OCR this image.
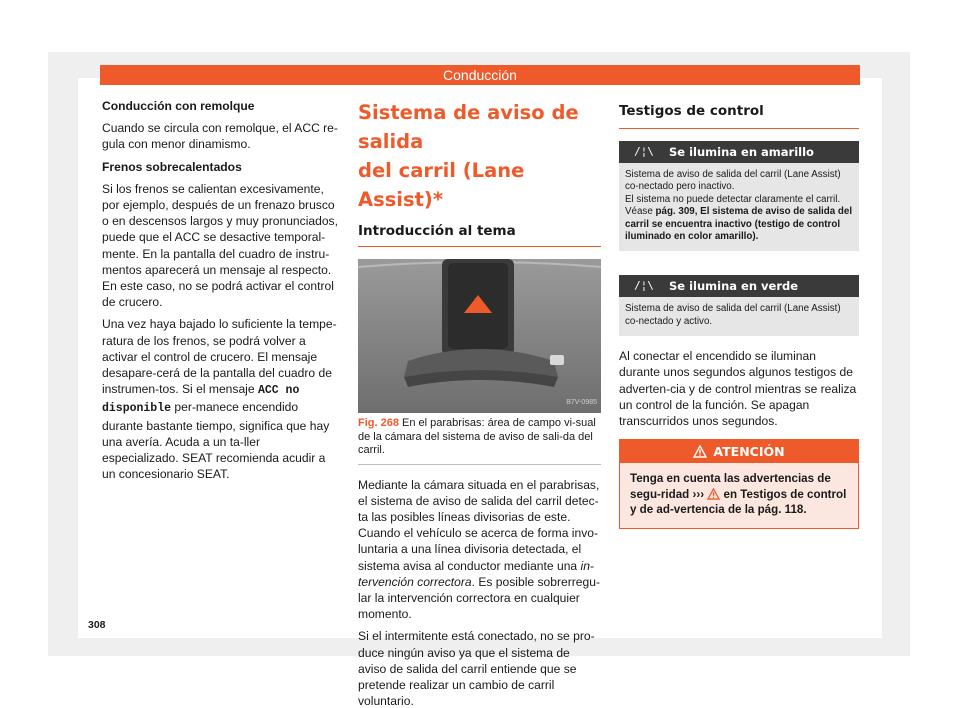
Conducción

Conducción con remolque

Cuando se circula con remolque, el ACC re-gula con menor dinamismo.

Frenos sobrecalentados

Si los frenos se calientan excesivamente, por ejemplo, después de un frenazo brusco o en descensos largos y muy pronunciados, puede que el ACC se desactive temporal-mente. En la pantalla del cuadro de instru-mentos aparecerá un mensaje al respecto. En este caso, no se podrá activar el control de crucero.

Una vez haya bajado lo suficiente la tempe-ratura de los frenos, se podrá volver a activar el control de crucero. El mensaje desapare-cerá de la pantalla del cuadro de instrumen-tos. Si el mensaje ACC no disponible per-manece encendido durante bastante tiempo, significa que hay una avería. Acuda a un ta-ller especializado. SEAT recomienda acudir a un concesionario SEAT.

Sistema de aviso de salida
del carril (Lane Assist)*
Introducción al tema
B7V-0985
Fig. 268 En el parabrisas: área de campo vi-sual de la cámara del sistema de aviso de sali-da del carril.

Mediante la cámara situada en el parabrisas, el sistema de aviso de salida del carril detec-ta las posibles líneas divisorias de este. Cuando el vehículo se acerca de forma invo-luntaria a una línea divisoria detectada, el sistema avisa al conductor mediante una in-tervención correctora. Es posible sobrerregu-lar la intervención correctora en cualquier momento.

Si el intermitente está conectado, no se pro-duce ningún aviso ya que el sistema de aviso de salida del carril entiende que se pretende realizar un cambio de carril voluntario.

Testigos de control
/¦\	Se ilumina en amarillo
Sistema de aviso de salida del carril (Lane Assist) co-nectado pero inactivo.
El sistema no puede detectar claramente el carril.
Véase pág. 309, El sistema de aviso de salida del carril se encuentra inactivo (testigo de control iluminado en color amarillo).
/¦\	Se ilumina en verde
Sistema de aviso de salida del carril (Lane Assist) co-nectado y activo.

Al conectar el encendido se iluminan durante unos segundos algunos testigos de adverten-cia y de control mientras se realiza un control de la función. Se apagan transcurridos unos segundos.

ATENCIÓN
Tenga en cuenta las advertencias de segu-ridad ›››  en Testigos de control y de ad-vertencia de la pág. 118.
308
